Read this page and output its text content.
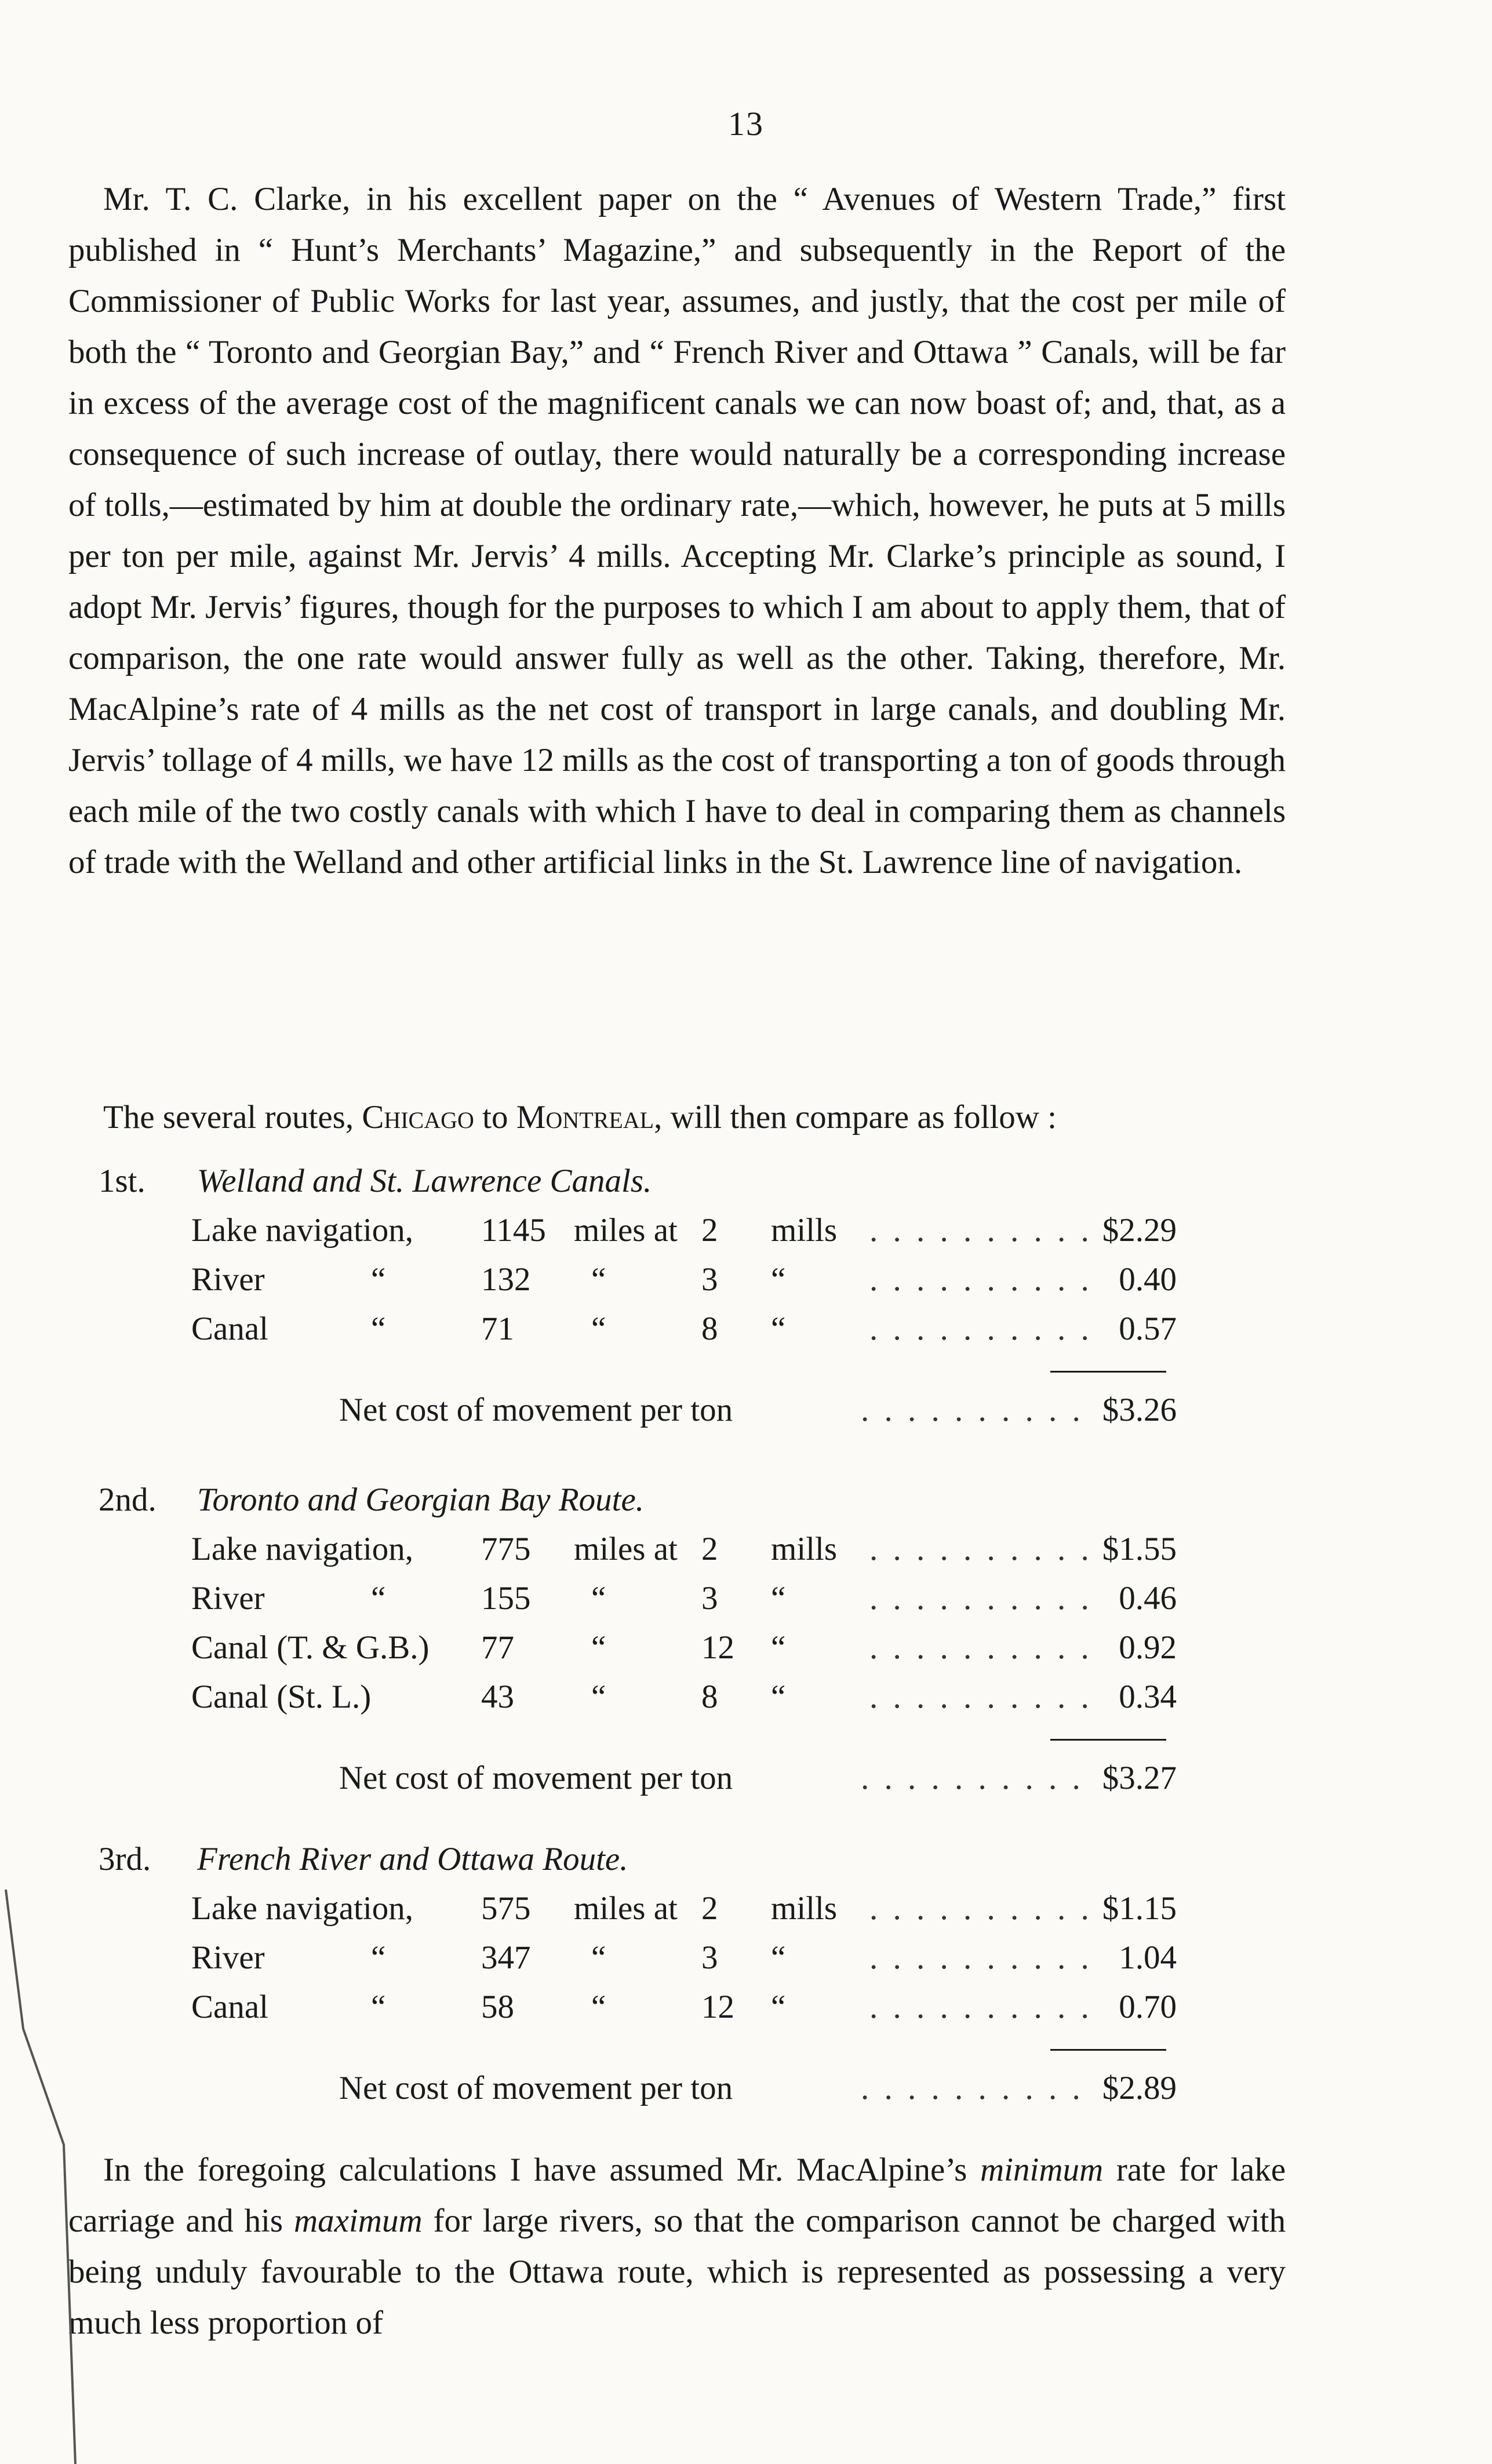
13

Mr. T. C. Clarke, in his excellent paper on the “ Avenues of Western Trade,” first published in “ Hunt’s Merchants’ Magazine,” and subsequently in the Report of the Commissioner of Public Works for last year, assumes, and justly, that the cost per mile of both the “ Toronto and Georgian Bay,” and “ French River and Ottawa ” Canals, will be far in excess of the average cost of the magnificent canals we can now boast of; and, that, as a consequence of such increase of outlay, there would naturally be a corresponding increase of tolls,—estimated by him at double the ordinary rate,—which, however, he puts at 5 mills per ton per mile, against Mr. Jervis’ 4 mills. Accepting Mr. Clarke’s principle as sound, I adopt Mr. Jervis’ figures, though for the purposes to which I am about to apply them, that of comparison, the one rate would answer fully as well as the other. Taking, therefore, Mr. MacAlpine’s rate of 4 mills as the net cost of transport in large canals, and doubling Mr. Jervis’ tollage of 4 mills, we have 12 mills as the cost of transporting a ton of goods through each mile of the two costly canals with which I have to deal in comparing them as channels of trade with the Welland and other artificial links in the St. Lawrence line of navigation.

The several routes, Chicago to Montreal, will then compare as follow :
1st. Welland and St. Lawrence Canals.
Lake navigation, 1145 miles at 2 mills . . . . . . . . . . $2.29
River	“	132 “	3 “	. . . . . . . . . . 0.40
Canal	“	71 “	8 “	. . . . . . . . . . 0.57
Net cost of movement per ton	. . . . . . . . . . $3.26
2nd. Toronto and Georgian Bay Route.
Lake navigation, 775 miles at 2 mills . . . . . . . . . . $1.55
River	“	155 “	3 “	. . . . . . . . . . 0.46
Canal (T. & G.B.) 77 “	12 “	. . . . . . . . . . 0.92
Canal (St. L.)	43 “	8 “	. . . . . . . . . . 0.34
Net cost of movement per ton	. . . . . . . . . . $3.27
3rd. French River and Ottawa Route.
Lake navigation, 575 miles at 2 mills . . . . . . . . . . $1.15
River	“	347 “	3 “	. . . . . . . . . . 1.04
Canal	“	58 “	12 “	. . . . . . . . . . 0.70
Net cost of movement per ton	. . . . . . . . . . $2.89

In the foregoing calculations I have assumed Mr. MacAlpine’s minimum rate for lake carriage and his maximum for large rivers, so that the comparison cannot be charged with being unduly favourable to the Ottawa route, which is represented as possessing a very much less proportion of
